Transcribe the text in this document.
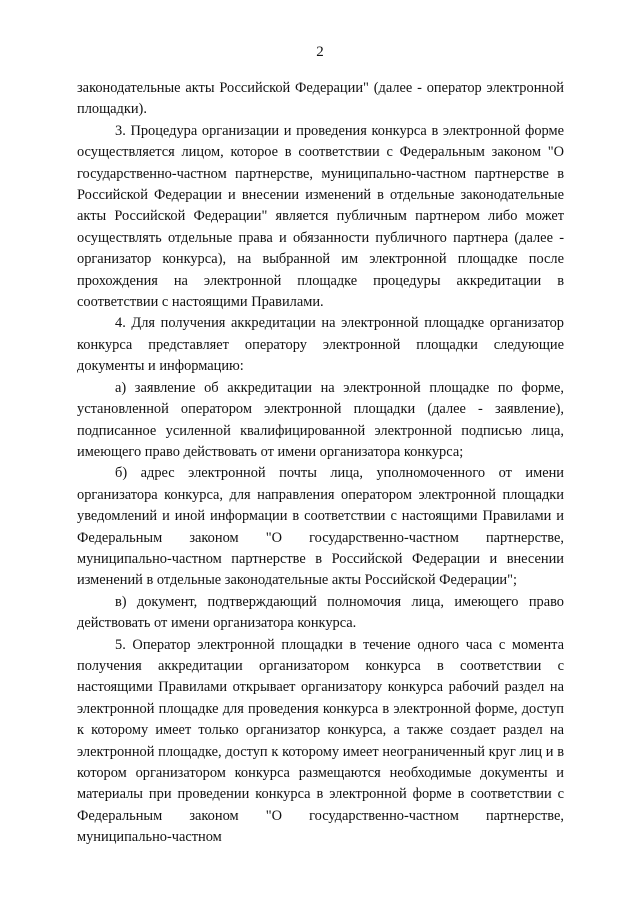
2

законодательные акты Российской Федерации" (далее - оператор электронной площадки).

3. Процедура организации и проведения конкурса в электронной форме осуществляется лицом, которое в соответствии с Федеральным законом "О государственно-частном партнерстве, муниципально-частном партнерстве в Российской Федерации и внесении изменений в отдельные законодательные акты Российской Федерации" является публичным партнером либо может осуществлять отдельные права и обязанности публичного партнера (далее - организатор конкурса), на выбранной им электронной площадке после прохождения на электронной площадке процедуры аккредитации в соответствии с настоящими Правилами.

4. Для получения аккредитации на электронной площадке организатор конкурса представляет оператору электронной площадки следующие документы и информацию:

а) заявление об аккредитации на электронной площадке по форме, установленной оператором электронной площадки (далее - заявление), подписанное усиленной квалифицированной электронной подписью лица, имеющего право действовать от имени организатора конкурса;

б) адрес электронной почты лица, уполномоченного от имени организатора конкурса, для направления оператором электронной площадки уведомлений и иной информации в соответствии с настоящими Правилами и Федеральным законом "О государственно-частном партнерстве, муниципально-частном партнерстве в Российской Федерации и внесении изменений в отдельные законодательные акты Российской Федерации";

в) документ, подтверждающий полномочия лица, имеющего право действовать от имени организатора конкурса.

5. Оператор электронной площадки в течение одного часа с момента получения аккредитации организатором конкурса в соответствии с настоящими Правилами открывает организатору конкурса рабочий раздел на электронной площадке для проведения конкурса в электронной форме, доступ к которому имеет только организатор конкурса, а также создает раздел на электронной площадке, доступ к которому имеет неограниченный круг лиц и в котором организатором конкурса размещаются необходимые документы и материалы при проведении конкурса в электронной форме в соответствии с Федеральным законом "О государственно-частном партнерстве, муниципально-частном
